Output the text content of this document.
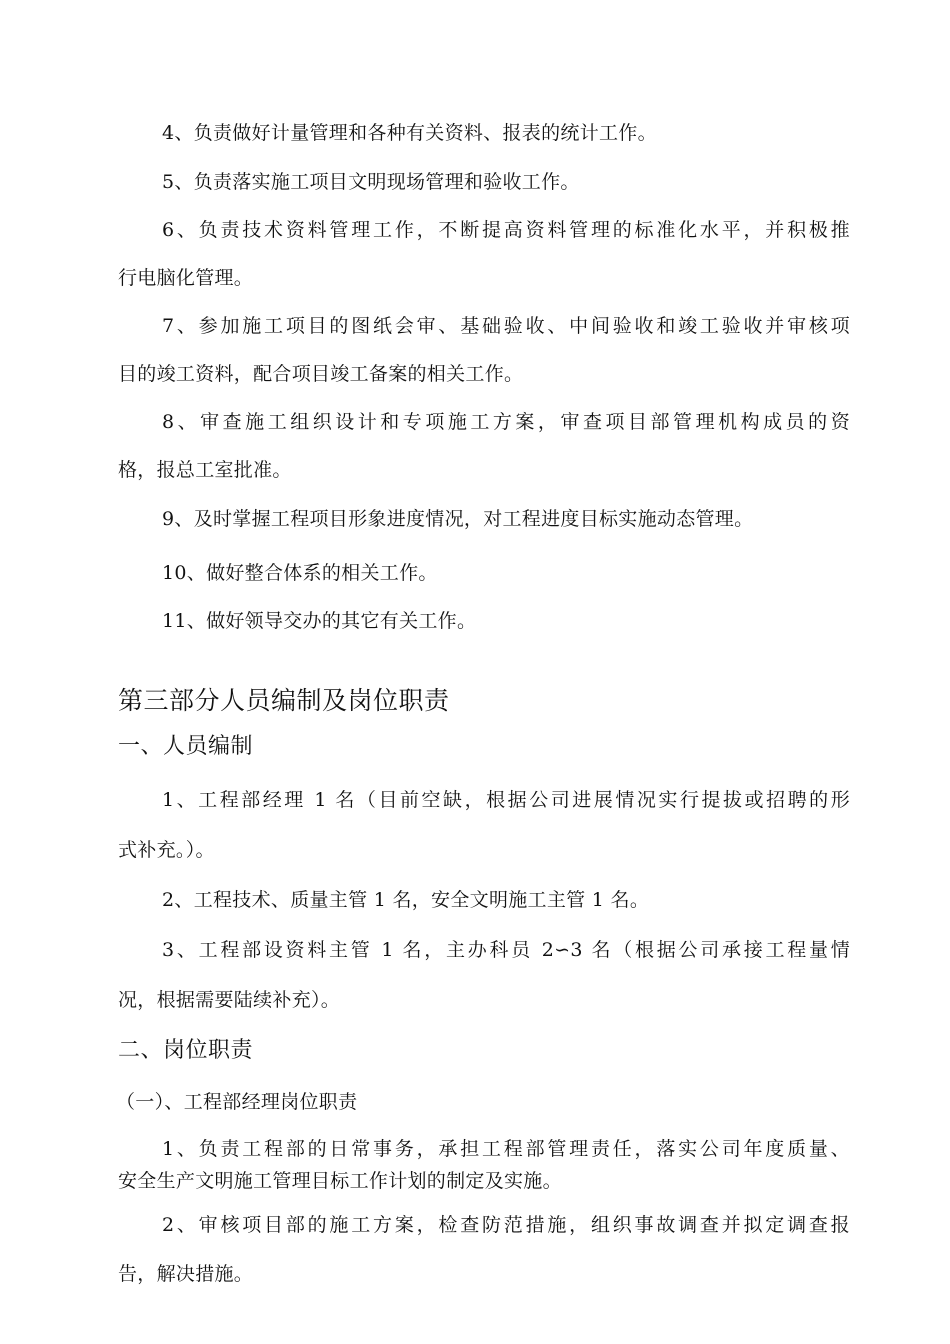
4、负责做好计量管理和各种有关资料、报表的统计工作。
5、负责落实施工项目文明现场管理和验收工作。
6、负责技术资料管理工作，不断提高资料管理的标准化水平，并积极推
行电脑化管理。
7、参加施工项目的图纸会审、基础验收、中间验收和竣工验收并审核项
目的竣工资料，配合项目竣工备案的相关工作。
8、审查施工组织设计和专项施工方案，审查项目部管理机构成员的资
格，报总工室批准。
9、及时掌握工程项目形象进度情况，对工程进度目标实施动态管理。
10、做好整合体系的相关工作。
11、做好领导交办的其它有关工作。
第三部分人员编制及岗位职责
一、人员编制
1、工程部经理 1 名（目前空缺，根据公司进展情况实行提拔或招聘的形
式补充。）。
2、工程技术、质量主管 1 名，安全文明施工主管 1 名。
3、工程部设资料主管 1 名，主办科员 2∽3 名（根据公司承接工程量情
况，根据需要陆续补充）。
二、岗位职责
（一）、工程部经理岗位职责
1、负责工程部的日常事务，承担工程部管理责任，落实公司年度质量、
安全生产文明施工管理目标工作计划的制定及实施。
2、审核项目部的施工方案，检查防范措施，组织事故调查并拟定调查报
告，解决措施。
